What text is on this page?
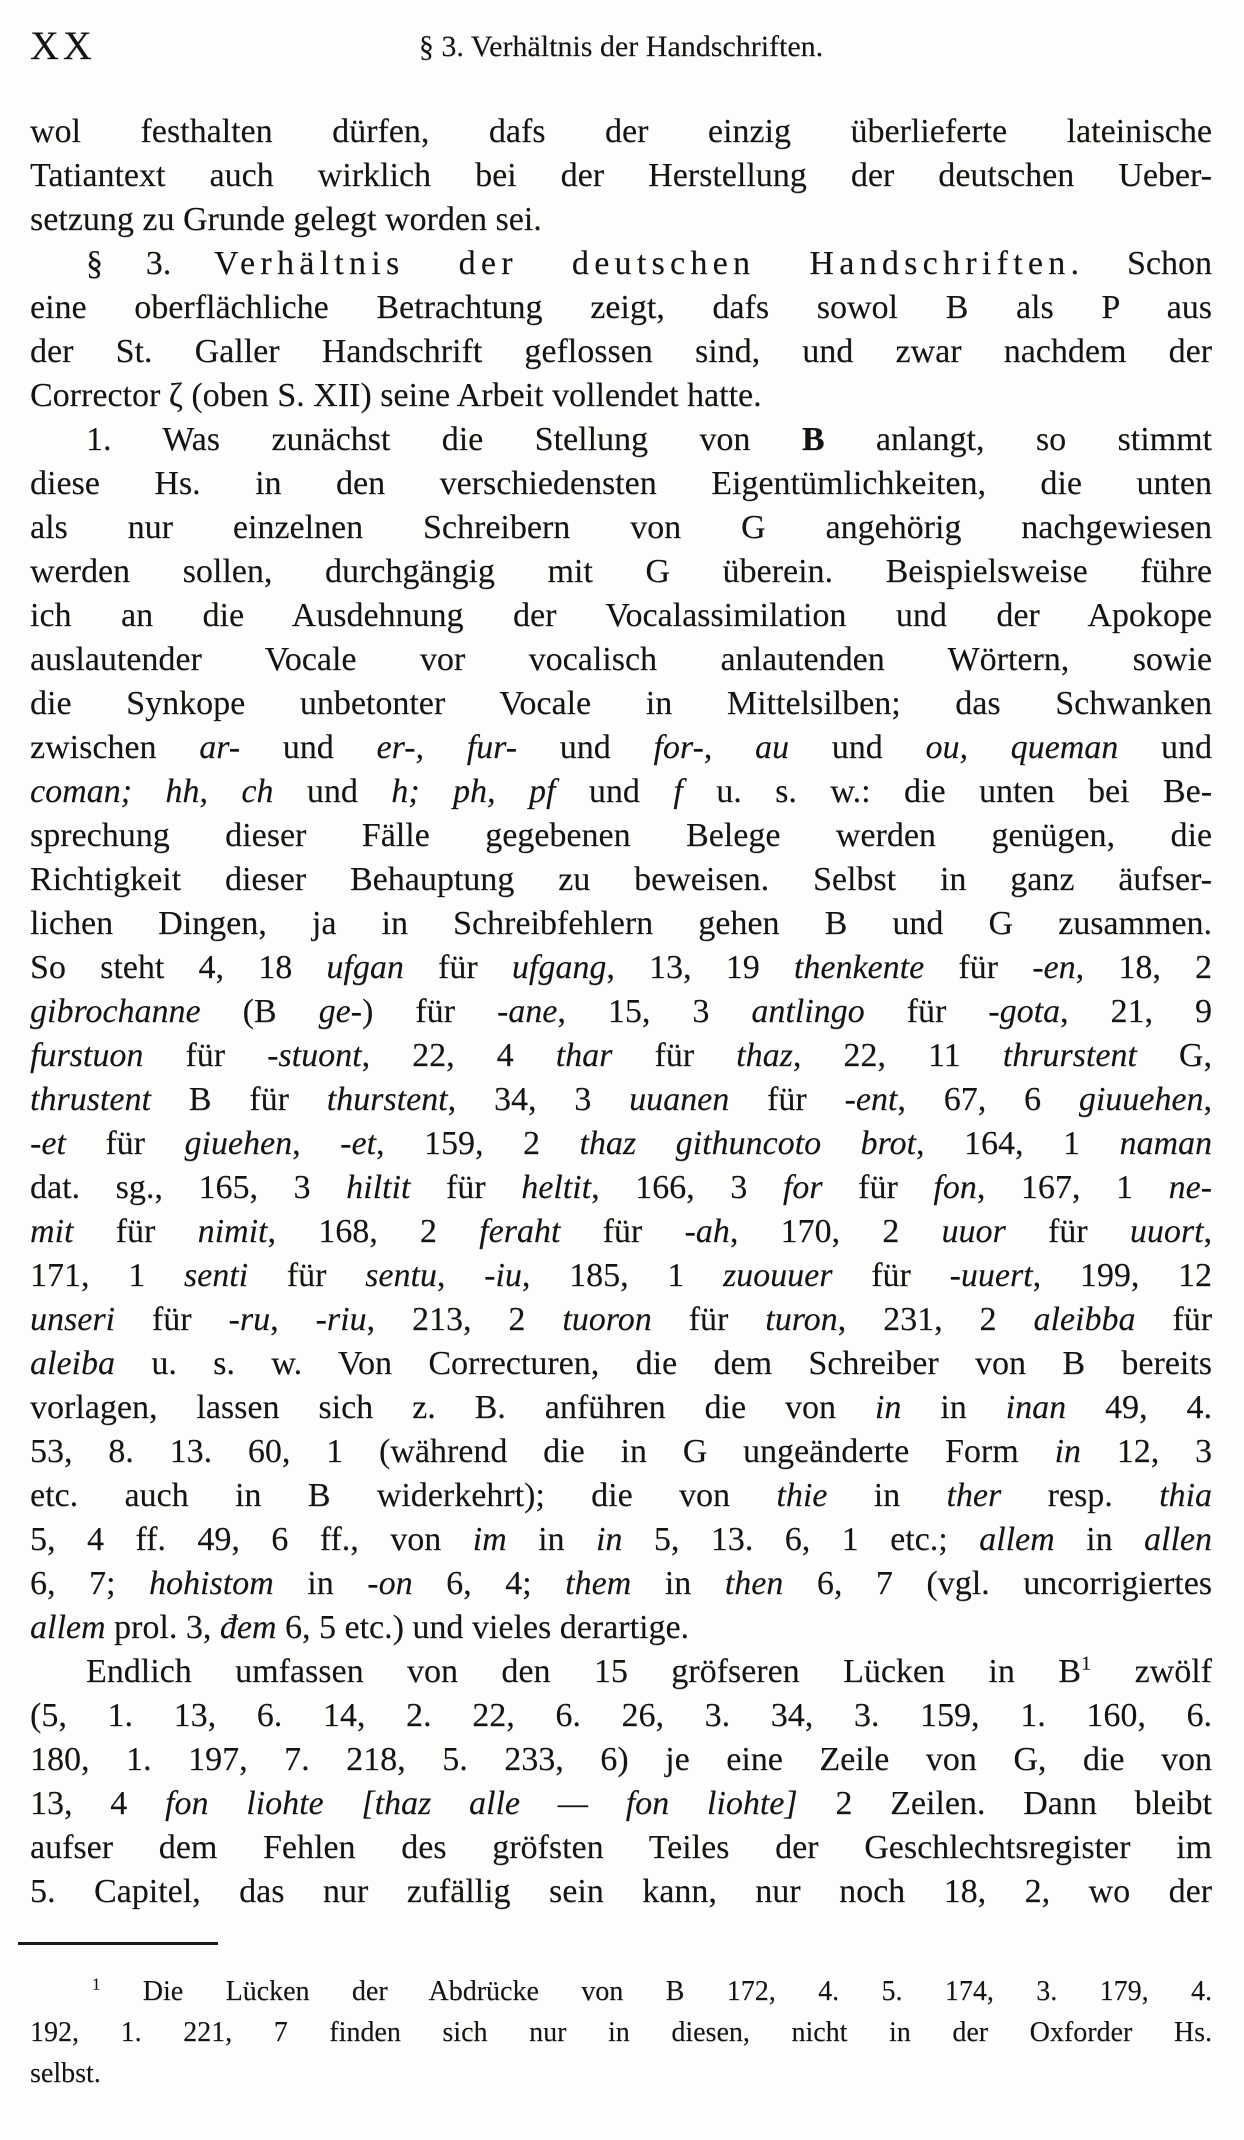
XX	§ 3. Verhältnis der Handschriften.
wol festhalten dürfen, dafs der einzig überlieferte lateinische
Tatiantext auch wirklich bei der Herstellung der deutschen Ueber-
setzung zu Grunde gelegt worden sei.
§ 3. Verhältnis der deutschen Handschriften. Schon
eine oberflächliche Betrachtung zeigt, dafs sowol B als P aus
der St. Galler Handschrift geflossen sind, und zwar nachdem der
Corrector ζ (oben S. XII) seine Arbeit vollendet hatte.
1. Was zunächst die Stellung von B anlangt, so stimmt
diese Hs. in den verschiedensten Eigentümlichkeiten, die unten
als nur einzelnen Schreibern von G angehörig nachgewiesen
werden sollen, durchgängig mit G überein. Beispielsweise führe
ich an die Ausdehnung der Vocalassimilation und der Apokope
auslautender Vocale vor vocalisch anlautenden Wörtern, sowie
die Synkope unbetonter Vocale in Mittelsilben; das Schwanken
zwischen ar- und er-, fur- und for-, au und ou, queman und
coman; hh, ch und h; ph, pf und f u. s. w.: die unten bei Be-
sprechung dieser Fälle gegebenen Belege werden genügen, die
Richtigkeit dieser Behauptung zu beweisen. Selbst in ganz äufser-
lichen Dingen, ja in Schreibfehlern gehen B und G zusammen.
So steht 4, 18 ufgan für ufgang, 13, 19 thenkente für -en, 18, 2
gibrochanne (B ge-) für -ane, 15, 3 antlingo für -gota, 21, 9
furstuon für -stuont, 22, 4 thar für thaz, 22, 11 thrurstent G,
thrustent B für thurstent, 34, 3 uuanen für -ent, 67, 6 giuuehen,
-et für giuehen, -et, 159, 2 thaz githuncoto brot, 164, 1 naman
dat. sg., 165, 3 hiltit für heltit, 166, 3 for für fon, 167, 1 ne-
mit für nimit, 168, 2 feraht für -ah, 170, 2 uuor für uuort,
171, 1 senti für sentu, -iu, 185, 1 zuouuer für -uuert, 199, 12
unseri für -ru, -riu, 213, 2 tuoron für turon, 231, 2 aleibba für
aleiba u. s. w. Von Correcturen, die dem Schreiber von B bereits
vorlagen, lassen sich z. B. anführen die von in in inan 49, 4.
53, 8. 13. 60, 1 (während die in G ungeänderte Form in 12, 3
etc. auch in B widerkehrt); die von thie in ther resp. thia
5, 4 ff. 49, 6 ff., von im in in 5, 13. 6, 1 etc.; allem in allen
6, 7; hohistom in -on 6, 4; them in then 6, 7 (vgl. uncorrigiertes
allem prol. 3, đem 6, 5 etc.) und vieles derartige.
Endlich umfassen von den 15 gröfseren Lücken in $B^1$ zwölf
(5, 1. 13, 6. 14, 2. 22, 6. 26, 3. 34, 3. 159, 1. 160, 6.
180, 1. 197, 7. 218, 5. 233, 6) je eine Zeile von G, die von
13, 4 fon liohte [thaz alle — fon liohte] 2 Zeilen. Dann bleibt
aufser dem Fehlen des gröfsten Teiles der Geschlechtsregister im
5. Capitel, das nur zufällig sein kann, nur noch 18, 2, wo der
$^1$ Die Lücken der Abdrücke von B 172, 4. 5. 174, 3. 179, 4.
192, 1. 221, 7 finden sich nur in diesen, nicht in der Oxforder Hs.
selbst.
